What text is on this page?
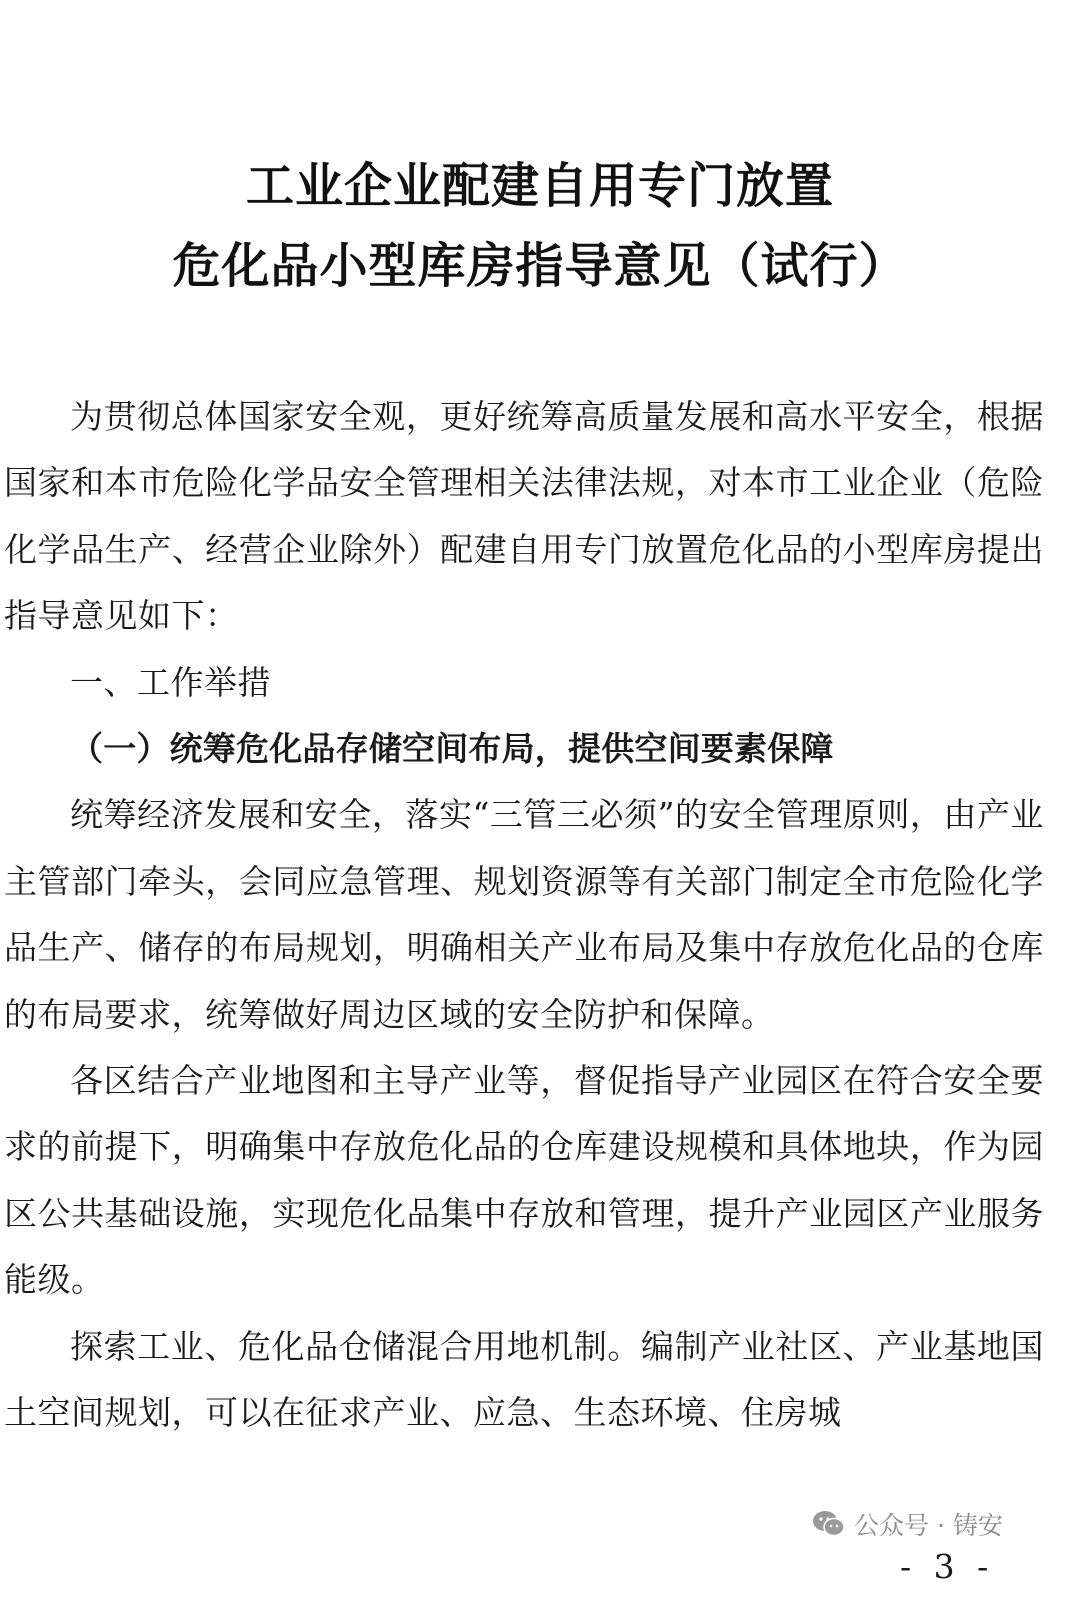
工业企业配建自用专门放置
危化品小型库房指导意见（试行）

为贯彻总体国家安全观，更好统筹高质量发展和高水平安全，根据国家和本市危险化学品安全管理相关法律法规，对本市工业企业（危险化学品生产、经营企业除外）配建自用专门放置危化品的小型库房提出指导意见如下：

一、工作举措

（一）统筹危化品存储空间布局，提供空间要素保障

统筹经济发展和安全，落实“三管三必须”的安全管理原则，由产业主管部门牵头，会同应急管理、规划资源等有关部门制定全市危险化学品生产、储存的布局规划，明确相关产业布局及集中存放危化品的仓库的布局要求，统筹做好周边区域的安全防护和保障。

各区结合产业地图和主导产业等，督促指导产业园区在符合安全要求的前提下，明确集中存放危化品的仓库建设规模和具体地块，作为园区公共基础设施，实现危化品集中存放和管理，提升产业园区产业服务能级。

探索工业、危化品仓储混合用地机制。编制产业社区、产业基地国土空间规划，可以在征求产业、应急、生态环境、住房城

公众号 · 铸安
- 3 -
